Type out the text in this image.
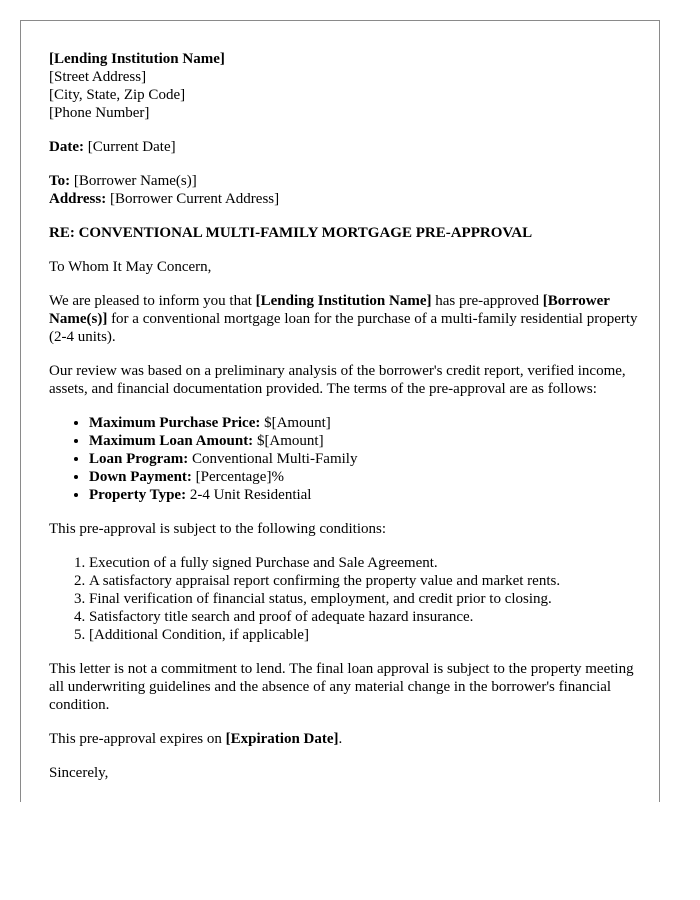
[Lending Institution Name]
[Street Address]
[City, State, Zip Code]
[Phone Number]

Date: [Current Date]

To: [Borrower Name(s)]
Address: [Borrower Current Address]

RE: CONVENTIONAL MULTI-FAMILY MORTGAGE PRE-APPROVAL

To Whom It May Concern,

We are pleased to inform you that [Lending Institution Name] has pre-approved [Borrower Name(s)] for a conventional mortgage loan for the purchase of a multi-family residential property (2-4 units).

Our review was based on a preliminary analysis of the borrower's credit report, verified income, assets, and financial documentation provided. The terms of the pre-approval are as follows:

• Maximum Purchase Price: $[Amount]
• Maximum Loan Amount: $[Amount]
• Loan Program: Conventional Multi-Family
• Down Payment: [Percentage]%
• Property Type: 2-4 Unit Residential

This pre-approval is subject to the following conditions:

1. Execution of a fully signed Purchase and Sale Agreement.
2. A satisfactory appraisal report confirming the property value and market rents.
3. Final verification of financial status, employment, and credit prior to closing.
4. Satisfactory title search and proof of adequate hazard insurance.
5. [Additional Condition, if applicable]

This letter is not a commitment to lend. The final loan approval is subject to the property meeting all underwriting guidelines and the absence of any material change in the borrower's financial condition.

This pre-approval expires on [Expiration Date].

Sincerely,
